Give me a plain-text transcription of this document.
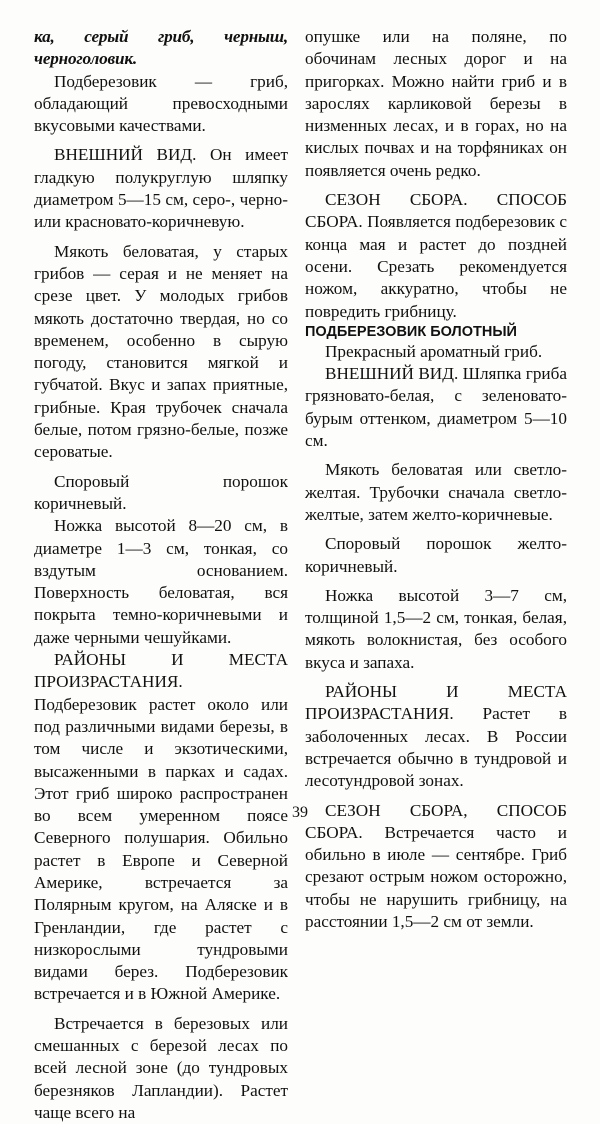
ка, серый гриб, черныш, черноголовик.

Подберезовик — гриб, обладающий превосходными вкусовыми качествами.

ВНЕШНИЙ ВИД. Он имеет гладкую полукруглую шляпку диаметром 5—15 см, серо-, черно- или красновато-коричневую.

Мякоть беловатая, у старых грибов — серая и не меняет на срезе цвет. У молодых грибов мякоть достаточно твердая, но со временем, особенно в сырую погоду, становится мягкой и губчатой. Вкус и запах приятные, грибные. Края трубочек сначала белые, потом грязно-белые, позже сероватые.

Споровый порошок коричневый.

Ножка высотой 8—20 см, в диаметре 1—3 см, тонкая, со вздутым основанием. Поверхность беловатая, вся покрыта темно-коричневыми и даже черными чешуйками.

РАЙОНЫ И МЕСТА ПРОИЗРАСТАНИЯ. Подберезовик растет около или под различными видами березы, в том числе и экзотическими, высаженными в парках и садах. Этот гриб широко распространен во всем умеренном поясе Северного полушария. Обильно растет в Европе и Северной Америке, встречается за Полярным кругом, на Аляске и в Гренландии, где растет с низкорослыми тундровыми видами берез. Подберезовик встречается и в Южной Америке.

Встречается в березовых или смешанных с березой лесах по всей лесной зоне (до тундровых березняков Лапландии). Растет чаще всего на

опушке или на поляне, по обочинам лесных дорог и на пригорках. Можно найти гриб и в зарослях карликовой березы в низменных лесах, и в горах, но на кислых почвах и на торфяниках он появляется очень редко.

СЕЗОН СБОРА. СПОСОБ СБОРА. Появляется подберезовик с конца мая и растет до поздней осени. Срезать рекомендуется ножом, аккуратно, чтобы не повредить грибницу.

ПОДБЕРЕЗОВИК БОЛОТНЫЙ

Прекрасный ароматный гриб.

ВНЕШНИЙ ВИД. Шляпка гриба грязновато-белая, с зеленовато-бурым оттенком, диаметром 5—10 см.

Мякоть беловатая или светло-желтая. Трубочки сначала светло-желтые, затем желто-коричневые.

Споровый порошок желто-коричневый.

Ножка высотой 3—7 см, толщиной 1,5—2 см, тонкая, белая, мякоть волокнистая, без особого вкуса и запаха.

РАЙОНЫ И МЕСТА ПРОИЗРАСТАНИЯ. Растет в заболоченных лесах. В России встречается обычно в тундровой и лесотундровой зонах.

СЕЗОН СБОРА, СПОСОБ СБОРА. Встречается часто и обильно в июле — сентябре. Гриб срезают острым ножом осторожно, чтобы не нарушить грибницу, на расстоянии 1,5—2 см от земли.

39
